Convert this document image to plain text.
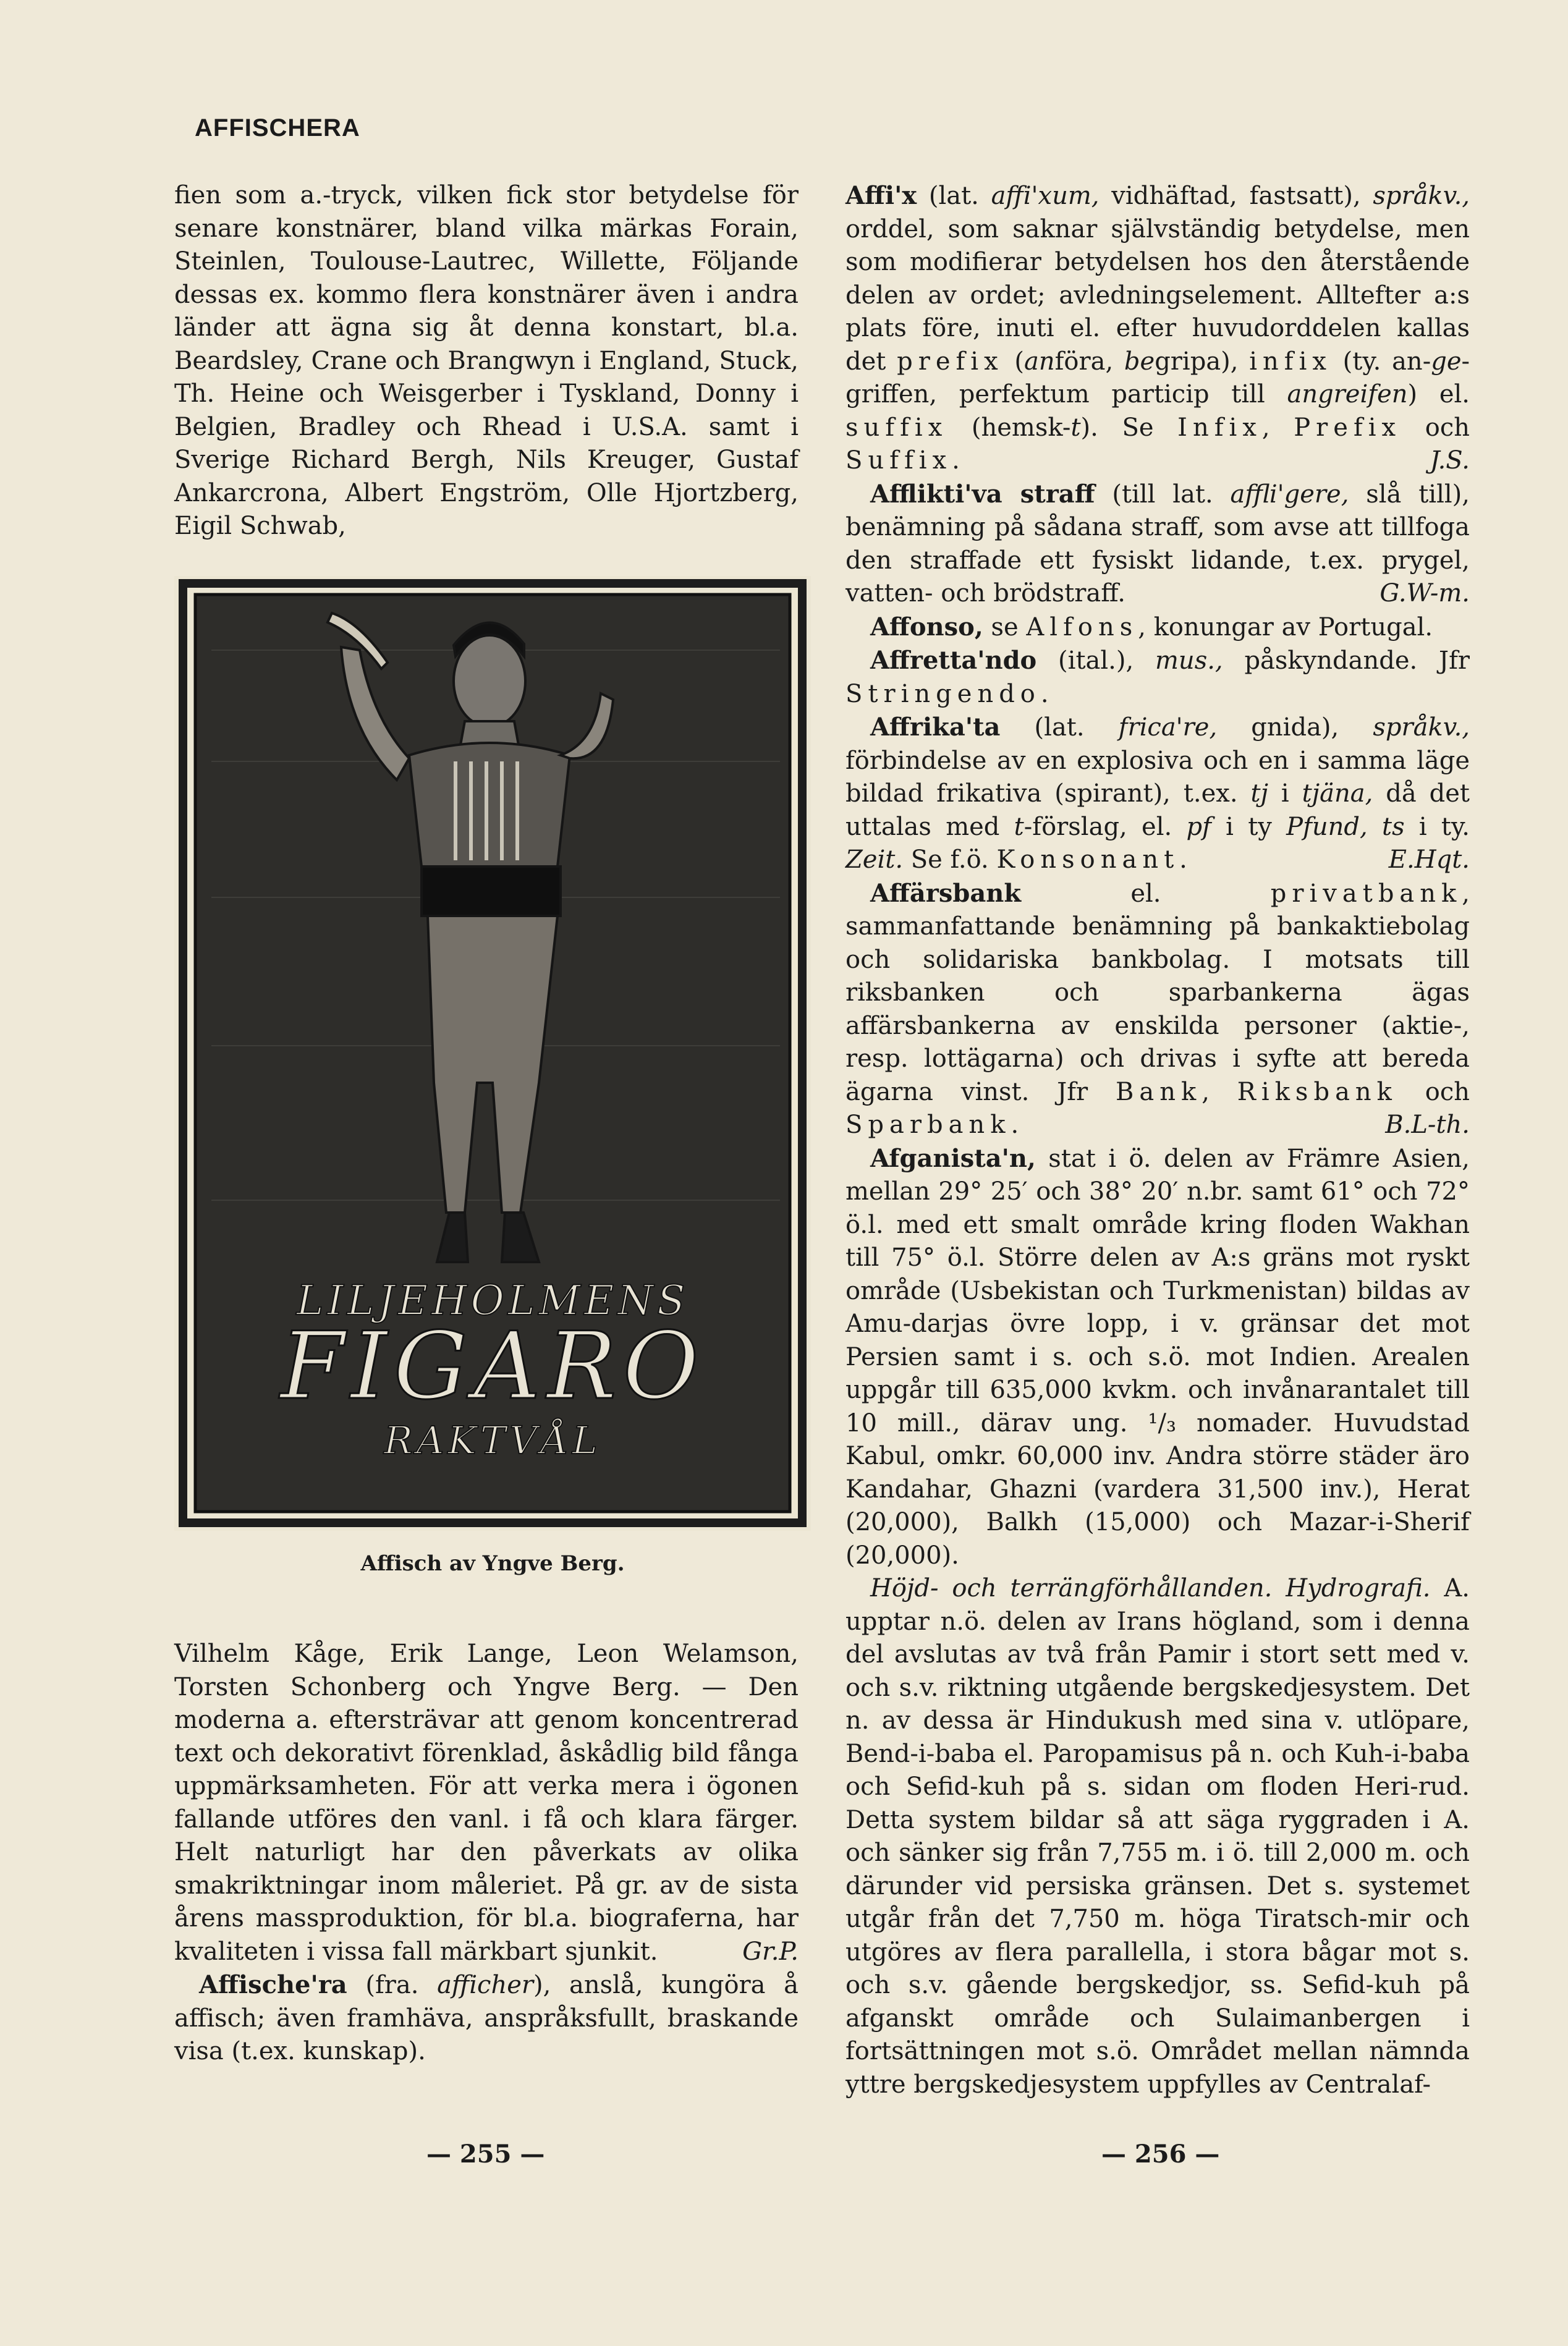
AFFISCHERA

fien som a.-tryck, vilken fick stor betydelse för senare konstnärer, bland vilka märkas Forain, Steinlen, Toulouse-Lautrec, Willette, Följande dessas ex. kommo flera konstnärer även i andra länder att ägna sig åt denna konstart, bl.a. Beardsley, Crane och Brangwyn i England, Stuck, Th. Heine och Weisgerber i Tyskland, Donny i Belgien, Bradley och Rhead i U.S.A. samt i Sverige Richard Bergh, Nils Kreuger, Gustaf Ankarcrona, Albert Engström, Olle Hjortzberg, Eigil Schwab,

LILJEHOLMENS
FIGARO
RAKTVÅL
Affisch av Yngve Berg.

Vilhelm Kåge, Erik Lange, Leon Welamson, Torsten Schonberg och Yngve Berg. — Den moderna a. eftersträvar att genom koncentrerad text och dekorativt förenklad, åskådlig bild fånga uppmärksamheten. För att verka mera i ögonen fallande utföres den vanl. i få och klara färger. Helt naturligt har den påverkats av olika smakriktningar inom måleriet. På gr. av de sista årens massproduktion, för bl.a. biograferna, har kvaliteten i vissa fall märkbart sjunkit.	Gr.P.

Affische'ra (fra. afficher), anslå, kungöra å affisch; även framhäva, anspråksfullt, braskande visa (t.ex. kunskap).

Affi'x (lat. affi'xum, vidhäftad, fastsatt), språkv., orddel, som saknar självständig betydelse, men som modifierar betydelsen hos den återstående delen av ordet; avledningselement. Alltefter a:s plats före, inuti el. efter huvudorddelen kallas det prefix (anföra, begripa), infix (ty. an-ge-griffen, perfektum particip till angreifen) el. suffix (hemsk-t). Se Infix, Prefix och Suffix.	J.S.

Afflikti'va straff (till lat. affli'gere, slå till), benämning på sådana straff, som avse att tillfoga den straffade ett fysiskt lidande, t.ex. prygel, vatten- och brödstraff.	G.W-m.

Affonso, se Alfons, konungar av Portugal.

Affretta'ndo (ital.), mus., påskyndande. Jfr Stringendo.

Affrika'ta (lat. frica're, gnida), språkv., förbindelse av en explosiva och en i samma läge bildad frikativa (spirant), t.ex. tj i tjäna, då det uttalas med t-förslag, el. pf i ty Pfund, ts i ty. Zeit. Se f.ö. Konsonant.	E.Hqt.

Affärsbank el. privatbank, sammanfattande benämning på bankaktiebolag och solidariska bankbolag. I motsats till riksbanken och sparbankerna ägas affärsbankerna av enskilda personer (aktie-, resp. lottägarna) och drivas i syfte att bereda ägarna vinst. Jfr Bank, Riksbank och Sparbank.	B.L-th.

Afganista'n, stat i ö. delen av Främre Asien, mellan 29° 25′ och 38° 20′ n.br. samt 61° och 72° ö.l. med ett smalt område kring floden Wakhan till 75° ö.l. Större delen av A:s gräns mot ryskt område (Usbekistan och Turkmenistan) bildas av Amu-darjas övre lopp, i v. gränsar det mot Persien samt i s. och s.ö. mot Indien. Arealen uppgår till 635,000 kvkm. och invånarantalet till 10 mill., därav ung. ¹/₃ nomader. Huvudstad Kabul, omkr. 60,000 inv. Andra större städer äro Kandahar, Ghazni (vardera 31,500 inv.), Herat (20,000), Balkh (15,000) och Mazar-i-Sherif (20,000).

Höjd- och terrängförhållanden. Hydrografi. A. upptar n.ö. delen av Irans högland, som i denna del avslutas av två från Pamir i stort sett med v. och s.v. riktning utgående bergskedjesystem. Det n. av dessa är Hindukush med sina v. utlöpare, Bend-i-baba el. Paropamisus på n. och Kuh-i-baba och Sefid-kuh på s. sidan om floden Heri-rud. Detta system bildar så att säga ryggraden i A. och sänker sig från 7,755 m. i ö. till 2,000 m. och därunder vid persiska gränsen. Det s. systemet utgår från det 7,750 m. höga Tiratsch-mir och utgöres av flera parallella, i stora bågar mot s. och s.v. gående bergskedjor, ss. Sefid-kuh på afganskt område och Sulaimanbergen i fortsättningen mot s.ö. Området mellan nämnda yttre bergskedjesystem uppfylles av Centralaf-

— 255 —	— 256 —
